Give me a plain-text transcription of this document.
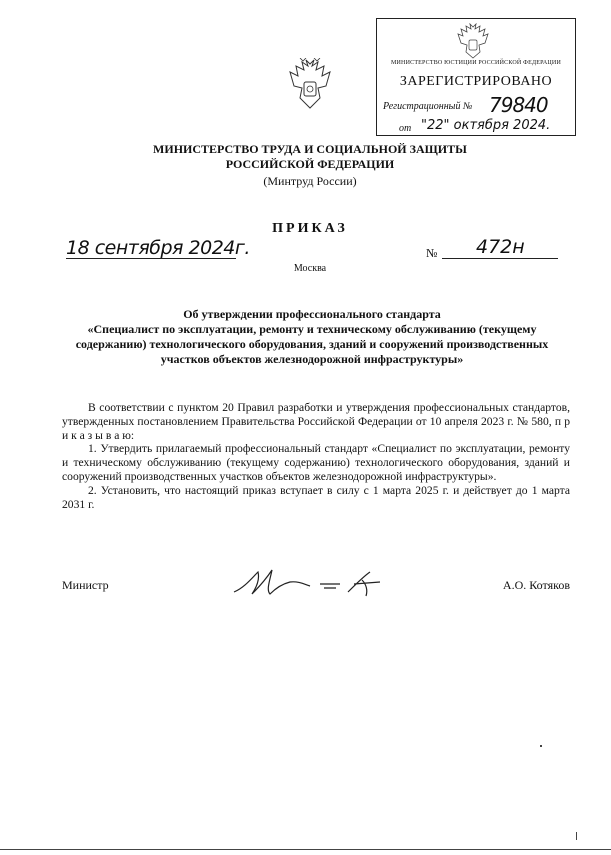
МИНИСТЕРСТВО ЮСТИЦИИ РОССИЙСКОЙ ФЕДЕРАЦИИ
ЗАРЕГИСТРИРОВАНО
Регистрационный № 79840
от "22" октября 2024.
МИНИСТЕРСТВО ТРУДА И СОЦИАЛЬНОЙ ЗАЩИТЫ
РОССИЙСКОЙ ФЕДЕРАЦИИ
(Минтруд России)
ПРИКАЗ
18 сентября 2024г.	№ 472н
Москва

Об утверждении профессионального стандарта

«Специалист по эксплуатации, ремонту и техническому обслуживанию (текущему содержанию) технологического оборудования, зданий и сооружений производственных участков объектов железнодорожной инфраструктуры»

В соответствии с пунктом 20 Правил разработки и утверждения профессиональных стандартов, утвержденных постановлением Правительства Российской Федерации от 10 апреля 2023 г. № 580, п р и к а з ы в а ю:

1. Утвердить прилагаемый профессиональный стандарт «Специалист по эксплуатации, ремонту и техническому обслуживанию (текущему содержанию) технологического оборудования, зданий и сооружений производственных участков объектов железнодорожной инфраструктуры».

2. Установить, что настоящий приказ вступает в силу с 1 марта 2025 г. и действует до 1 марта 2031 г.

Министр	А.О. Котяков
